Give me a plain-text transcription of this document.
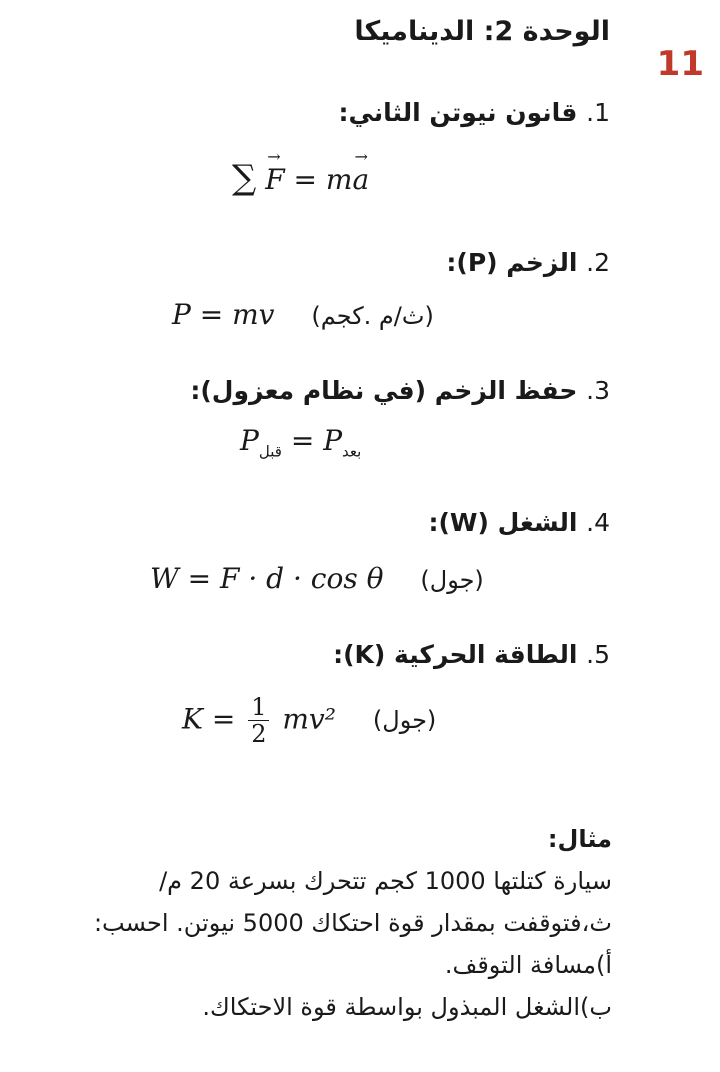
11
الوحدة 2: الديناميكا
1. قانون نيوتن الثاني:
∑ → F = m→ a
2. الزخم (P):
P = mv (ث/م .كجم)
3. حفظ الزخم (في نظام معزول):
$P_{قبل} = P_{بعد}$
4. الشغل (W):
W = F · d · cos θ (جول)
5. الطاقة الحركية (K):
$K = \frac{1}{2} mv^2$ (جول)
مثال:
سيارة كتلتها 1000 كجم تتحرك بسرعة 20 م/ث،فتوقفت بمقدار قوة احتكاك 5000 نيوتن. احسب:
أ)مسافة التوقف.
ب)الشغل المبذول بواسطة قوة الاحتكاك.
